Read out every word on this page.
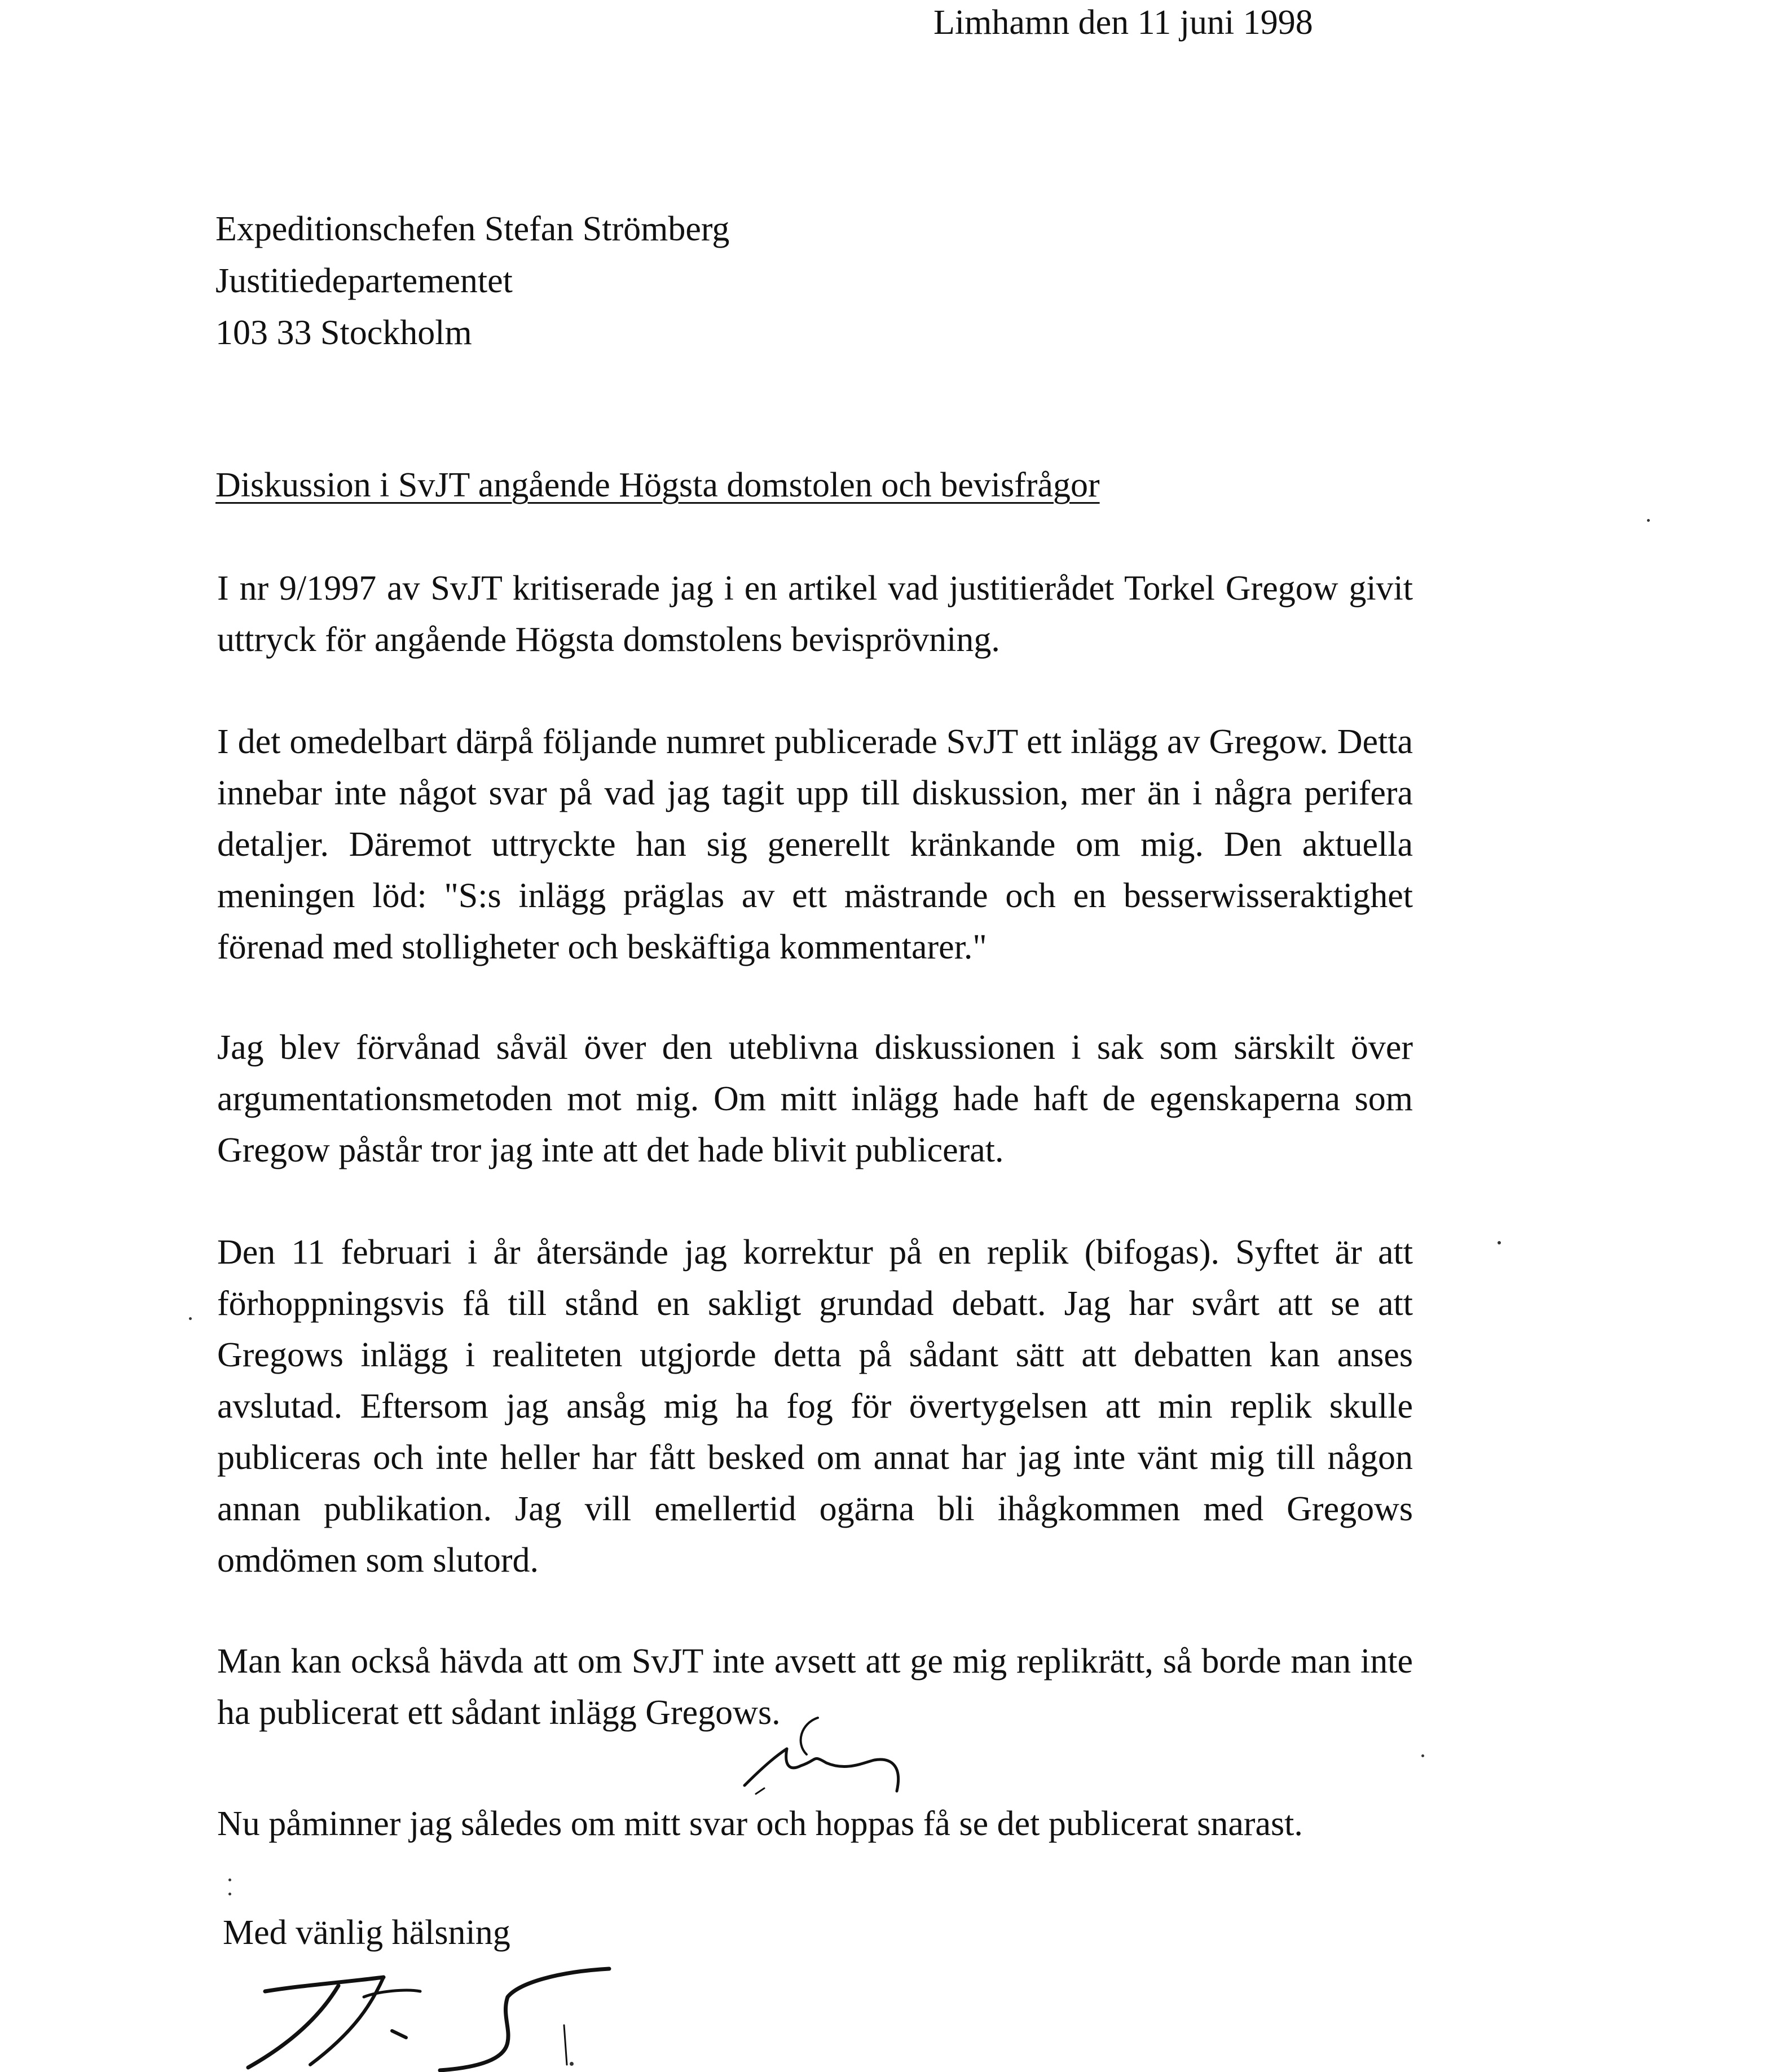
Limhamn den 11 juni 1998
Expeditionschefen Stefan Strömberg
Justitiedepartementet
103 33 Stockholm
Diskussion i SvJT angående Högsta domstolen och bevisfrågor
I nr 9/1997 av SvJT kritiserade jag i en artikel vad justitierådet Torkel Gregow givit uttryck för angående Högsta domstolens bevisprövning.
I det omedelbart därpå följande numret publicerade SvJT ett inlägg av Gregow. Detta innebar inte något svar på vad jag tagit upp till diskussion, mer än i några perifera detaljer. Däremot uttryckte han sig generellt kränkande om mig. Den aktuella meningen löd: "S:s inlägg präglas av ett mästrande och en besserwisseraktighet förenad med stolligheter och beskäftiga kommentarer."
Jag blev förvånad såväl över den uteblivna diskussionen i sak som särskilt över argumentationsmetoden mot mig. Om mitt inlägg hade haft de egenskaperna som Gregow påstår tror jag inte att det hade blivit publicerat.
Den 11 februari i år återsände jag korrektur på en replik (bifogas). Syftet är att förhoppningsvis få till stånd en sakligt grundad debatt. Jag har svårt att se att Gregows inlägg i realiteten utgjorde detta på sådant sätt att debatten kan anses avslutad. Eftersom jag ansåg mig ha fog för övertygelsen att min replik skulle publiceras och inte heller har fått besked om annat har jag inte vänt mig till någon annan publikation. Jag vill emellertid ogärna bli ihågkommen med Gregows omdömen som slutord.
Man kan också hävda att om SvJT inte avsett att ge mig replikrätt, så borde man inte ha publicerat ett sådant inlägg Gregows.
Nu påminner jag således om mitt svar och hoppas få se det publicerat snarast.
Med vänlig hälsning
